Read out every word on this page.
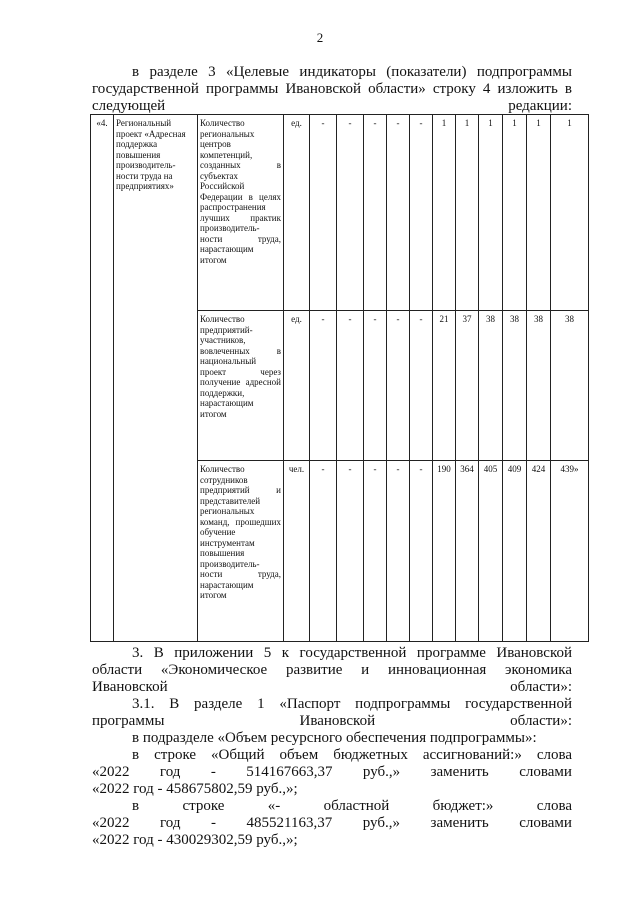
2
в разделе 3 «Целевые индикаторы (показатели) подпрограммы государственной программы Ивановской области» строку 4 изложить в следующей редакции:
«4.	Региональный проект «Адресная поддержка повышения производитель-ности труда на предприятиях»	Количество региональных центров компетенций, созданных в субъектах Российской Федерации в целях распространения лучших практик производитель-ности труда, нарастающим итогом	ед.	-	-	-	-	-	1	1	1	1	1	1
		Количество предприятий-участников, вовлеченных в национальный проект через получение адресной поддержки, нарастающим итогом	ед.	-	-	-	-	-	21	37	38	38	38	38
		Количество сотрудников предприятий и представителей региональных команд, прошедших обучение инструментам повышения производитель-ности труда, нарастающим итогом	чел.	-	-	-	-	-	190	364	405	409	424	439»
3. В приложении 5 к государственной программе Ивановской области «Экономическое развитие и инновационная экономика Ивановской области»:
3.1. В разделе 1 «Паспорт подпрограммы государственной программы Ивановской области»:
в подразделе «Объем ресурсного обеспечения подпрограммы»:
в строке «Общий объем бюджетных ассигнований:» слова
«2022 год - 514167663,37 руб.,» заменить словами
«2022 год - 458675802,59 руб.,»;
в	строке	«-	областной	бюджет:»	слова
«2022 год - 485521163,37 руб.,» заменить словами
«2022 год - 430029302,59 руб.,»;
